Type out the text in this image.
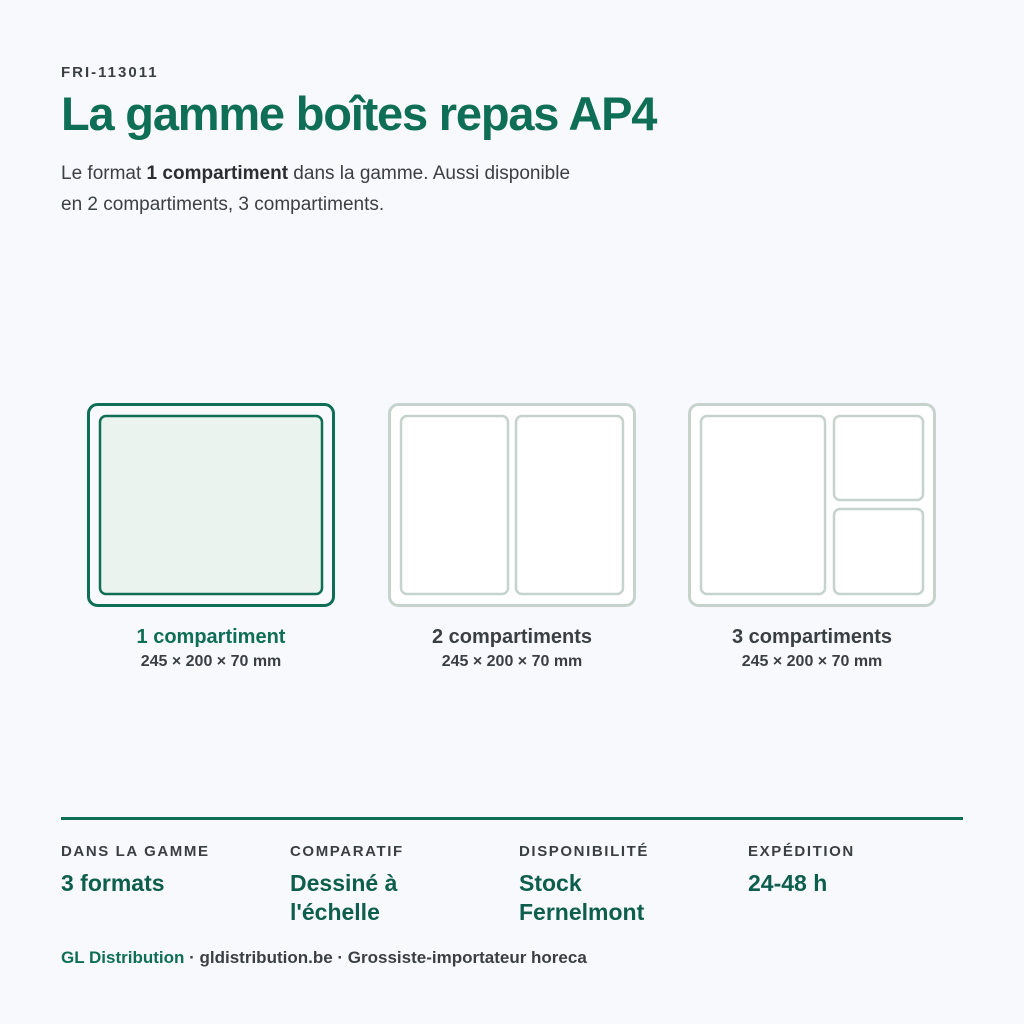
FRI-113011
La gamme boîtes repas AP4

Le format 1 compartiment dans la gamme. Aussi disponible en 2 compartiments, 3 compartiments.

1 compartiment
245 × 200 × 70 mm
2 compartiments
245 × 200 × 70 mm
3 compartiments
245 × 200 × 70 mm
DANS LA GAMME
3 formats
COMPARATIF
Dessiné à l'échelle
DISPONIBILITÉ
Stock Fernelmont
EXPÉDITION
24-48 h
GL Distribution · gldistribution.be · Grossiste-importateur horeca
